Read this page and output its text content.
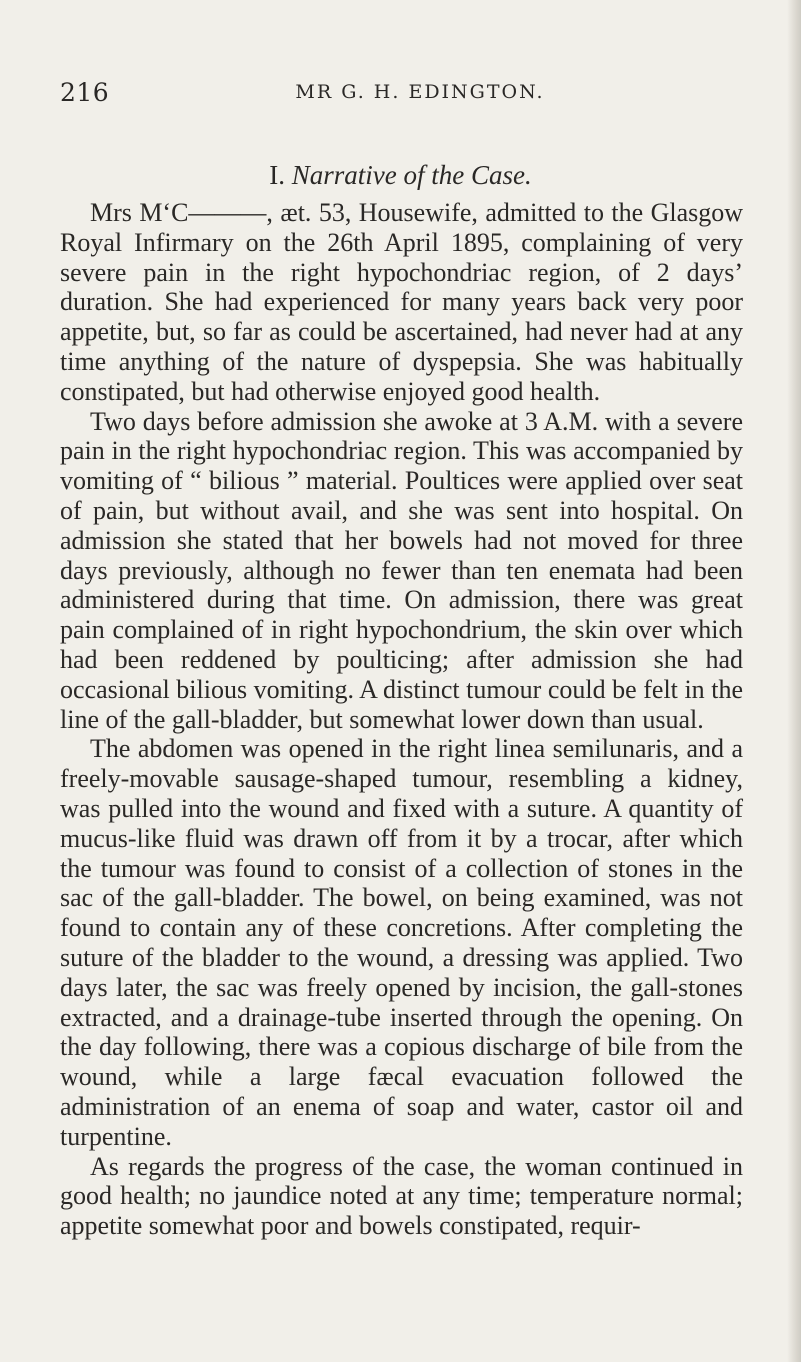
216	MR G. H. EDINGTON.
I. Narrative of the Case.

Mrs M‘C———, æt. 53, Housewife, admitted to the Glasgow Royal Infirmary on the 26th April 1895, complaining of very severe pain in the right hypochondriac region, of 2 days’ duration. She had experienced for many years back very poor appetite, but, so far as could be ascertained, had never had at any time anything of the nature of dyspepsia. She was habitually constipated, but had otherwise enjoyed good health.

Two days before admission she awoke at 3 A.M. with a severe pain in the right hypochondriac region. This was accompanied by vomiting of “ bilious ” material. Poultices were applied over seat of pain, but without avail, and she was sent into hospital. On admission she stated that her bowels had not moved for three days previously, although no fewer than ten enemata had been administered during that time. On admission, there was great pain complained of in right hypochondrium, the skin over which had been reddened by poulticing; after admission she had occasional bilious vomiting. A distinct tumour could be felt in the line of the gall-bladder, but somewhat lower down than usual.

The abdomen was opened in the right linea semilunaris, and a freely-movable sausage-shaped tumour, resembling a kidney, was pulled into the wound and fixed with a suture. A quantity of mucus-like fluid was drawn off from it by a trocar, after which the tumour was found to consist of a collection of stones in the sac of the gall-bladder. The bowel, on being examined, was not found to contain any of these concretions. After completing the suture of the bladder to the wound, a dressing was applied. Two days later, the sac was freely opened by incision, the gall-stones extracted, and a drainage-tube inserted through the opening. On the day following, there was a copious discharge of bile from the wound, while a large fæcal evacuation followed the administration of an enema of soap and water, castor oil and turpentine.

As regards the progress of the case, the woman continued in good health; no jaundice noted at any time; temperature normal; appetite somewhat poor and bowels constipated, requir-
